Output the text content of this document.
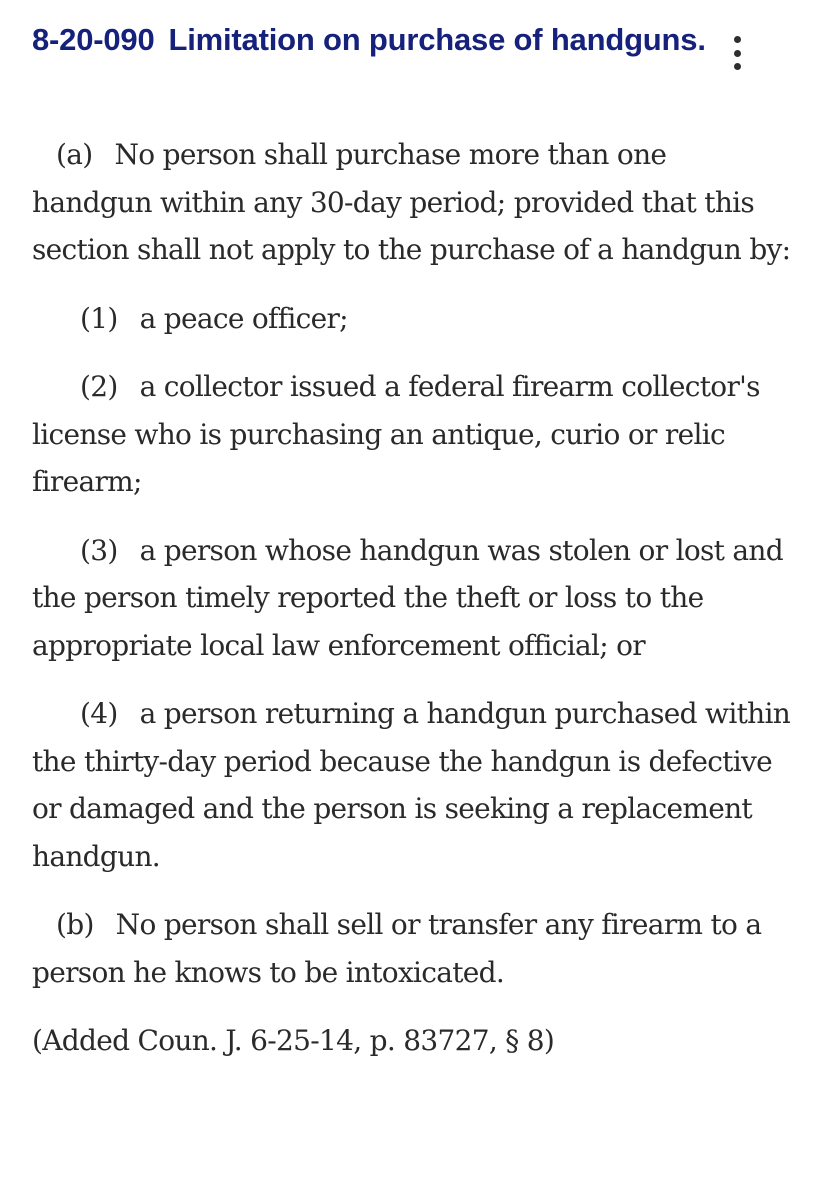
8-20-090 Limitation on purchase of handguns.

(a) No person shall purchase more than one handgun within any 30-day period; provided that this section shall not apply to the purchase of a handgun by:

(1) a peace officer;

(2) a collector issued a federal firearm collector's license who is purchasing an antique, curio or relic firearm;

(3) a person whose handgun was stolen or lost and the person timely reported the theft or loss to the appropriate local law enforcement official; or

(4) a person returning a handgun purchased within the thirty-day period because the handgun is defective or damaged and the person is seeking a replacement handgun.

(b) No person shall sell or transfer any firearm to a person he knows to be intoxicated.

(Added Coun. J. 6-25-14, p. 83727, § 8)
